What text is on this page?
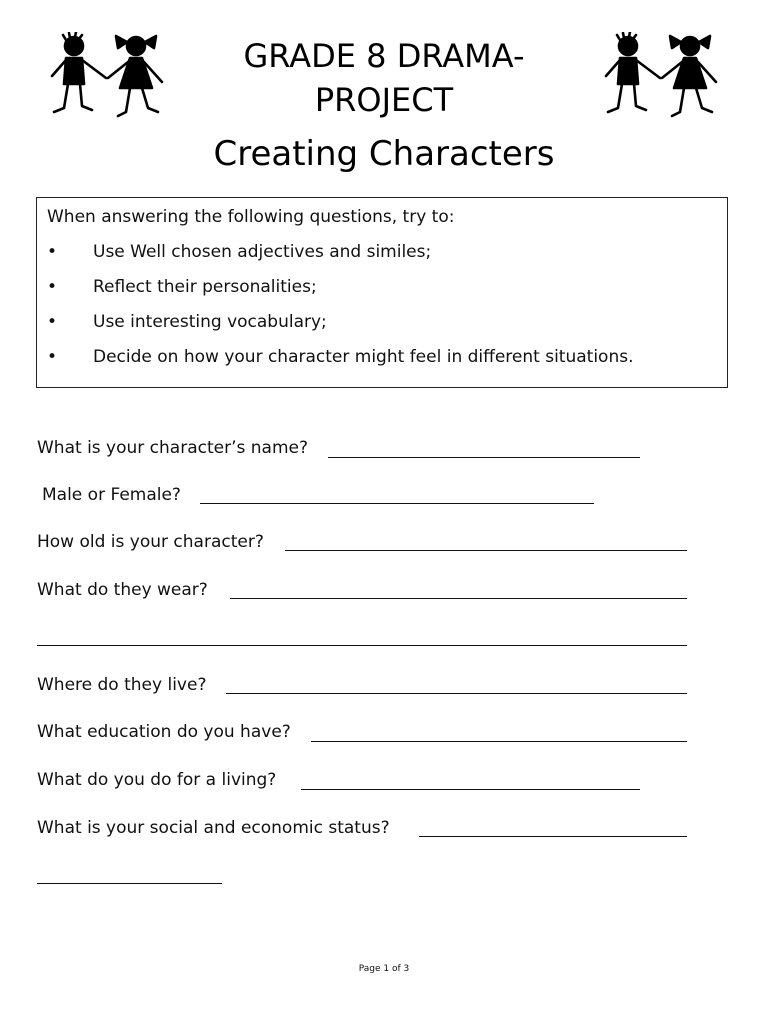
GRADE 8 DRAMA-
PROJECT
Creating Characters
When answering the following questions, try to:
• Use Well chosen adjectives and similes;
• Reflect their personalities;
• Use interesting vocabulary;
• Decide on how your character might feel in different situations.
What is your character’s name?
Male or Female?
How old is your character?
What do they wear?
Where do they live?
What education do you have?
What do you do for a living?
What is your social and economic status?
Page 1 of 3
